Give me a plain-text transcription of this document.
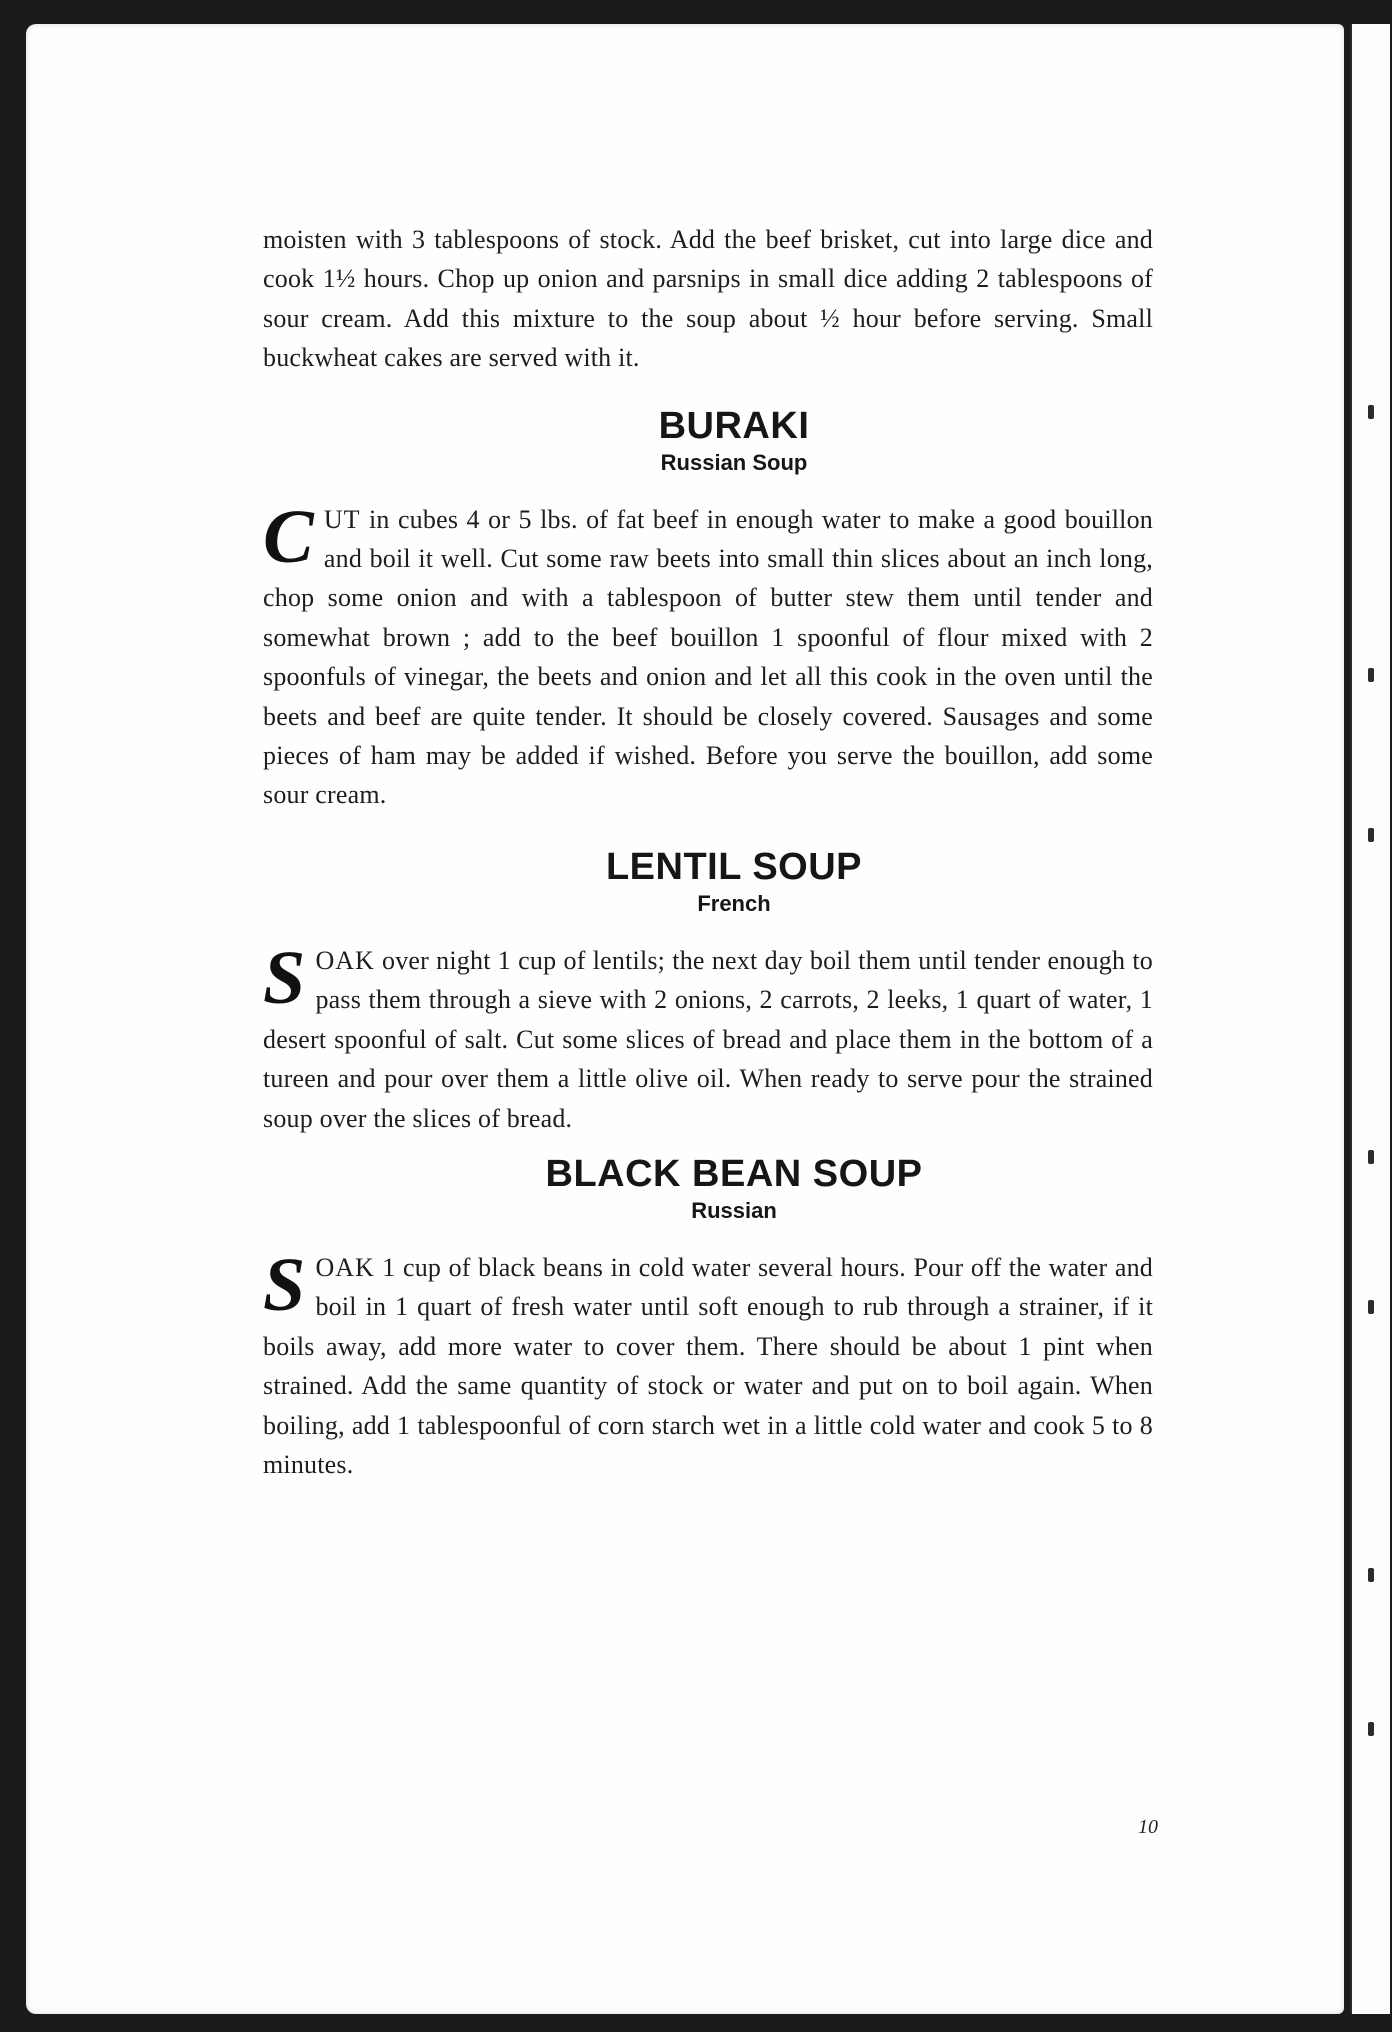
moisten with 3 tablespoons of stock. Add the beef brisket, cut into large dice and cook 1½ hours. Chop up onion and parsnips in small dice adding 2 tablespoons of sour cream. Add this mixture to the soup about ½ hour before serving. Small buckwheat cakes are served with it.

BURAKI
Russian Soup

CUT in cubes 4 or 5 lbs. of fat beef in enough water to make a good bouillon and boil it well. Cut some raw beets into small thin slices about an inch long, chop some onion and with a tablespoon of butter stew them until tender and somewhat brown ; add to the beef bouillon 1 spoonful of flour mixed with 2 spoonfuls of vinegar, the beets and onion and let all this cook in the oven until the beets and beef are quite tender. It should be closely covered. Sausages and some pieces of ham may be added if wished. Before you serve the bouillon, add some sour cream.

LENTIL SOUP
French

SOAK over night 1 cup of lentils; the next day boil them until tender enough to pass them through a sieve with 2 onions, 2 carrots, 2 leeks, 1 quart of water, 1 desert spoonful of salt. Cut some slices of bread and place them in the bottom of a tureen and pour over them a little olive oil. When ready to serve pour the strained soup over the slices of bread.

BLACK BEAN SOUP
Russian

SOAK 1 cup of black beans in cold water several hours. Pour off the water and boil in 1 quart of fresh water until soft enough to rub through a strainer, if it boils away, add more water to cover them. There should be about 1 pint when strained. Add the same quantity of stock or water and put on to boil again. When boiling, add 1 tablespoonful of corn starch wet in a little cold water and cook 5 to 8 minutes.

10
